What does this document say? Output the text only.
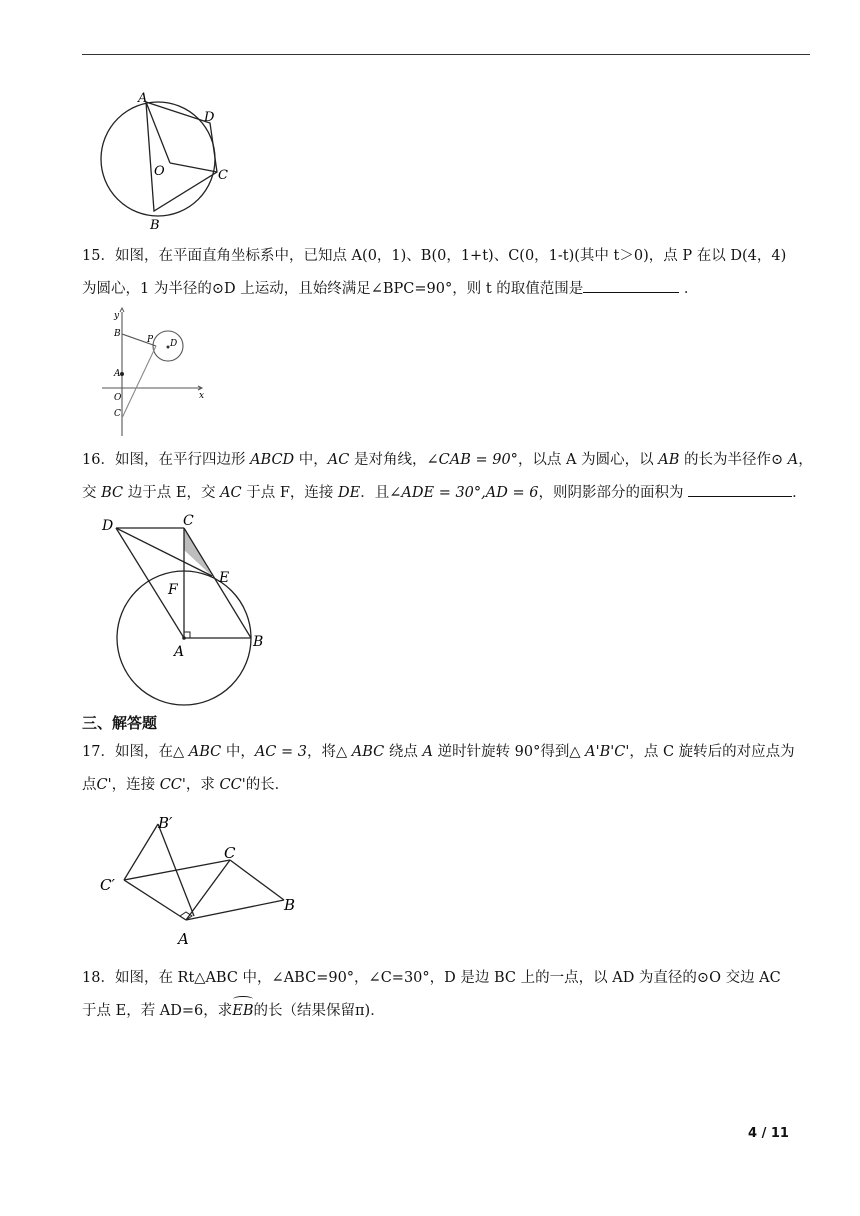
A
D
O	C
B

15．如图，在平面直角坐标系中，已知点 A(0，1)、B(0，1+t)、C(0，1-t)(其中 t＞0)，点 P 在以 D(4，4)

为圆心，1 为半径的⊙D 上运动，且始终满足∠BPC=90°，则 t 的取值范围是	．

y
B
P D
A
O
C
x

16．如图，在平行四边形 ABCD 中，AC 是对角线，∠CAB = 90°，以点 A 为圆心，以 AB 的长为半径作⊙ A，

交 BC 边于点 E，交 AC 于点 F，连接 DE．且∠ADE = 30°,AD = 6，则阴影部分的面积为	．

D	C
E
F
A
B
三、解答题

17．如图，在△ ABC 中，AC = 3，将△ ABC 绕点 A 逆时针旋转 90°得到△ A'B'C'，点 C 旋转后的对应点为

点C'，连接 CC'，求 CC'的长．

B′
C
C′
B
A

18．如图，在 Rt△ABC 中，∠ABC=90°，∠C=30°，D 是边 BC 上的一点，以 AD 为直径的⊙O 交边 AC

于点 E，若 AD=6，求EB的长（结果保留π)．

4 / 11
